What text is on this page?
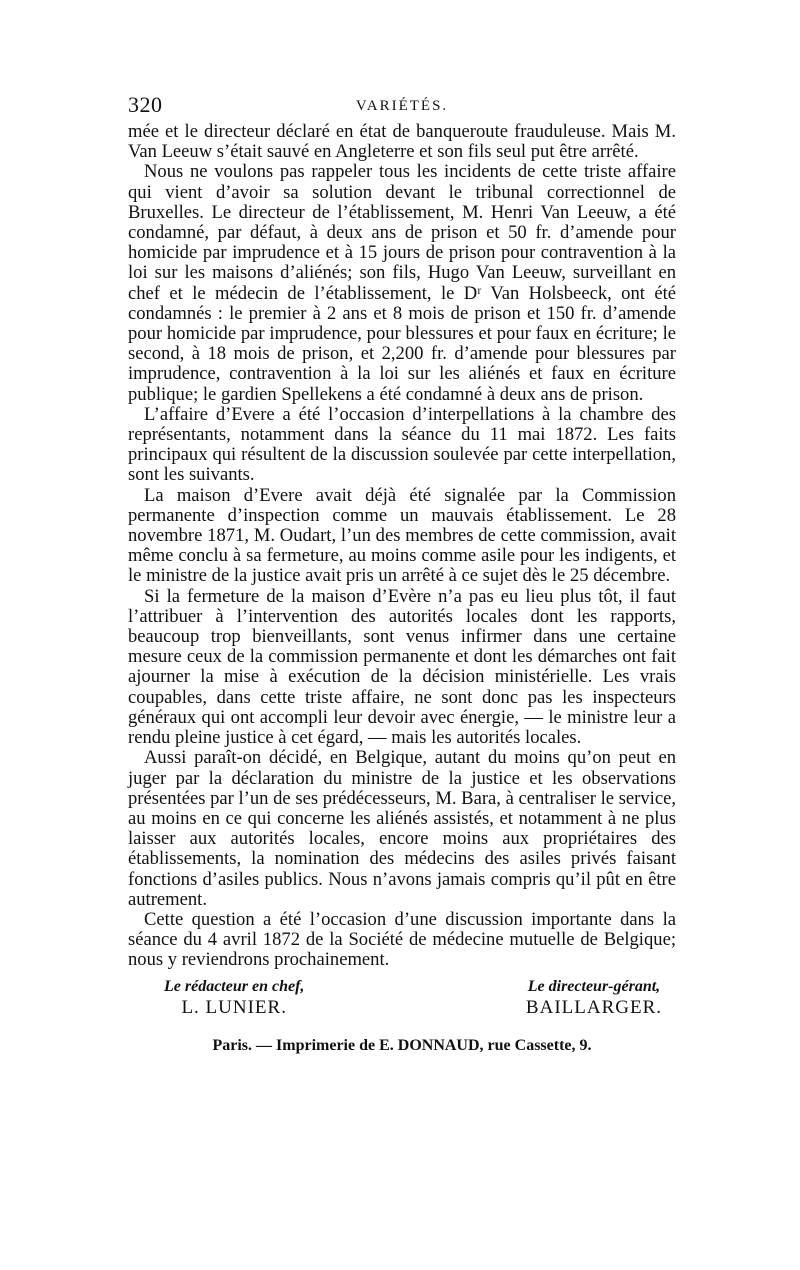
320	VARIÉTÉS.

mée et le directeur déclaré en état de banqueroute frauduleuse. Mais M. Van Leeuw s’était sauvé en Angleterre et son fils seul put être arrêté.

Nous ne voulons pas rappeler tous les incidents de cette triste affaire qui vient d’avoir sa solution devant le tribunal correctionnel de Bruxelles. Le directeur de l’établissement, M. Henri Van Leeuw, a été condamné, par défaut, à deux ans de prison et 50 fr. d’amende pour homicide par imprudence et à 15 jours de prison pour contravention à la loi sur les maisons d’aliénés; son fils, Hugo Van Leeuw, surveillant en chef et le médecin de l’établissement, le Dʳ Van Holsbeeck, ont été condamnés : le premier à 2 ans et 8 mois de prison et 150 fr. d’amende pour homicide par imprudence, pour blessures et pour faux en écriture; le second, à 18 mois de prison, et 2,200 fr. d’amende pour blessures par imprudence, contravention à la loi sur les aliénés et faux en écriture publique; le gardien Spellekens a été condamné à deux ans de prison.

L’affaire d’Evere a été l’occasion d’interpellations à la chambre des représentants, notamment dans la séance du 11 mai 1872. Les faits principaux qui résultent de la discussion soulevée par cette interpellation, sont les suivants.

La maison d’Evere avait déjà été signalée par la Commission permanente d’inspection comme un mauvais établissement. Le 28 novembre 1871, M. Oudart, l’un des membres de cette commission, avait même conclu à sa fermeture, au moins comme asile pour les indigents, et le ministre de la justice avait pris un arrêté à ce sujet dès le 25 décembre.

Si la fermeture de la maison d’Evère n’a pas eu lieu plus tôt, il faut l’attribuer à l’intervention des autorités locales dont les rapports, beaucoup trop bienveillants, sont venus infirmer dans une certaine mesure ceux de la commission permanente et dont les démarches ont fait ajourner la mise à exécution de la décision ministérielle. Les vrais coupables, dans cette triste affaire, ne sont donc pas les inspecteurs généraux qui ont accompli leur devoir avec énergie, — le ministre leur a rendu pleine justice à cet égard, — mais les autorités locales.

Aussi paraît-on décidé, en Belgique, autant du moins qu’on peut en juger par la déclaration du ministre de la justice et les observations présentées par l’un de ses prédécesseurs, M. Bara, à centraliser le service, au moins en ce qui concerne les aliénés assistés, et notamment à ne plus laisser aux autorités locales, encore moins aux propriétaires des établissements, la nomination des médecins des asiles privés faisant fonctions d’asiles publics. Nous n’avons jamais compris qu’il pût en être autrement.

Cette question a été l’occasion d’une discussion importante dans la séance du 4 avril 1872 de la Société de médecine mutuelle de Belgique; nous y reviendrons prochainement.

Le rédacteur en chef,
L. LUNIER.
Le directeur-gérant,
BAILLARGER.
Paris. — Imprimerie de E. DONNAUD, rue Cassette, 9.
